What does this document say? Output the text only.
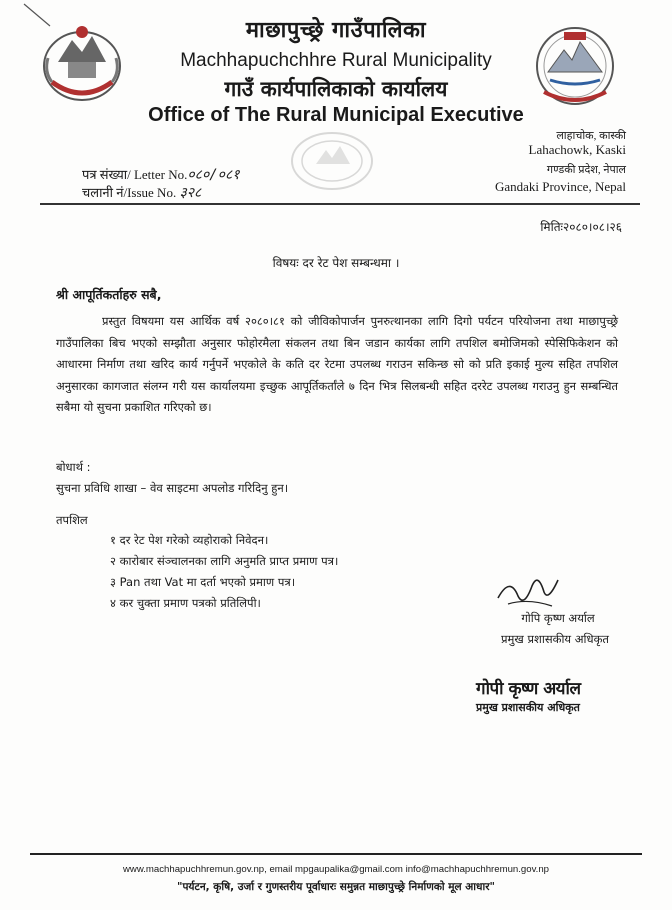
माछापुच्छ्रे गाउँपालिका
Machhapuchchhre Rural Municipality
गाउँ कार्यपालिकाको कार्यालय
Office of The Rural Municipal Executive
लाहाचोक, कास्की
Lahachowk, Kaski
गण्डकी प्रदेश, नेपाल
Gandaki Province, Nepal
पत्र संख्या/ Letter No.०८०/०८१
चलानी नं/Issue No. ३२८
मितिः२०८०।०८।२६
विषयः दर रेट पेश सम्बन्धमा ।
श्री आपूर्तिकर्ताहरु सबै,
प्रस्तुत विषयमा यस आर्थिक वर्ष २०८०।८१ को जीविकोपार्जन पुनरुत्थानका लागि दिगो पर्यटन परियोजना तथा माछापुच्छ्रे गाउँपालिका बिच भएको सम्झौता अनुसार फोहोरमैला संकलन तथा बिन जडान कार्यका लागि तपशिल बमोजिमको स्पेसिफिकेशन को आधारमा निर्माण तथा खरिद कार्य गर्नुपर्ने भएकोले के कति दर रेटमा उपलब्ध गराउन सकिन्छ सो को प्रति इकाई मुल्य सहित तपशिल अनुसारका कागजात संलग्न गरी यस कार्यालयमा इच्छुक आपूर्तिकर्तांले ७ दिन भित्र सिलबन्धी सहित दररेट उपलब्ध गराउनु हुन सम्बन्धित सबैमा यो सुचना प्रकाशित गरिएको छ।
बोधार्थ :
सुचना प्रविधि शाखा – वेव साइटमा अपलोड गरिदिनु हुन।
तपशिल
१ दर रेट पेश गरेको व्यहोराको निवेदन।
२ कारोबार संञ्चालनका लागि अनुमति प्राप्त प्रमाण पत्र।
३ Pan तथा Vat मा दर्ता भएको प्रमाण पत्र।
४ कर चुक्ता प्रमाण पत्रको प्रतिलिपी।
गोपि कृष्ण अर्याल
प्रमुख प्रशासकीय अधिकृत
गोपी कृष्ण अर्याल
प्रमुख प्रशासकीय अधिकृत
www.machhapuchhremun.gov.np, email mpgaupalika@gmail.com info@machhapuchhremun.gov.np
"पर्यटन, कृषि, उर्जा र गुणस्तरीय पूर्वाधारः समुन्नत माछापुच्छ्रे निर्माणको मूल आधार"
